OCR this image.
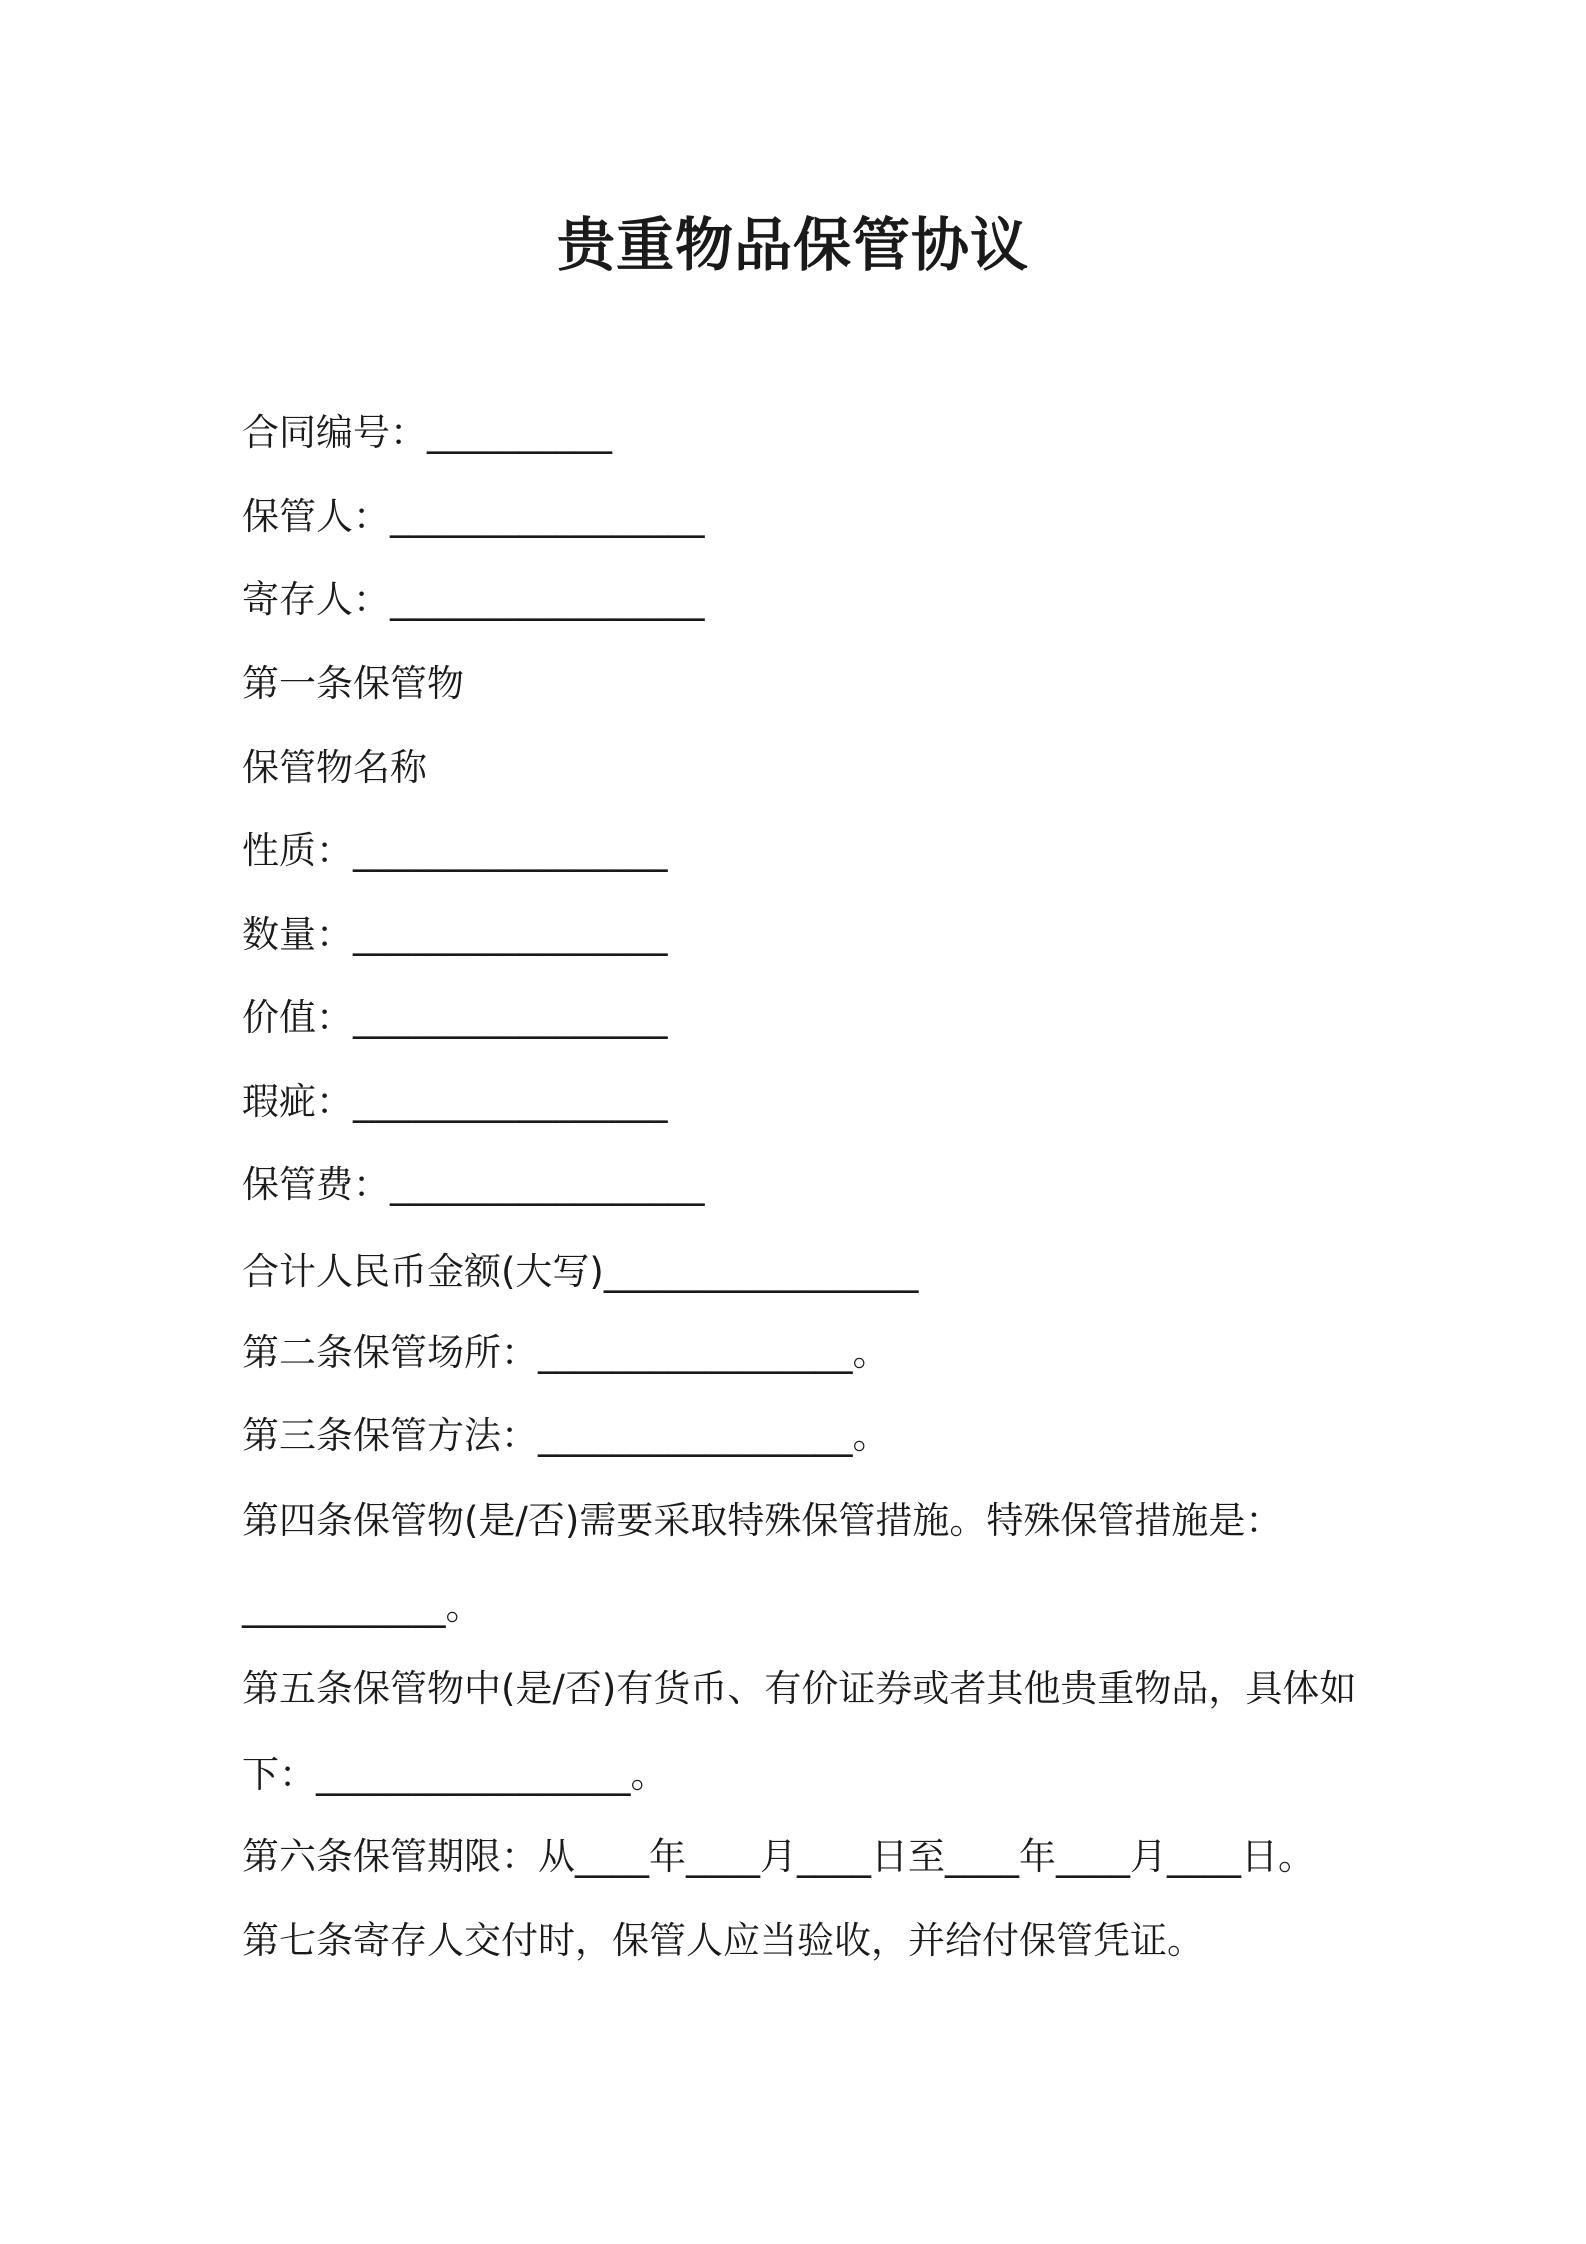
贵重物品保管协议
合同编号：__________
保管人：_________________
寄存人：_________________
第一条保管物
保管物名称
性质：_________________
数量：_________________
价值：_________________
瑕疵：_________________
保管费：_________________
合计人民币金额(大写)_________________
第二条保管场所：_________________。
第三条保管方法：_________________。
第四条保管物(是/否)需要采取特殊保管措施。特殊保管措施是：
___________。
第五条保管物中(是/否)有货币、有价证券或者其他贵重物品，具体如
下：_________________。
第六条保管期限：从____年____月____日至____年____月____日。
第七条寄存人交付时，保管人应当验收，并给付保管凭证。
